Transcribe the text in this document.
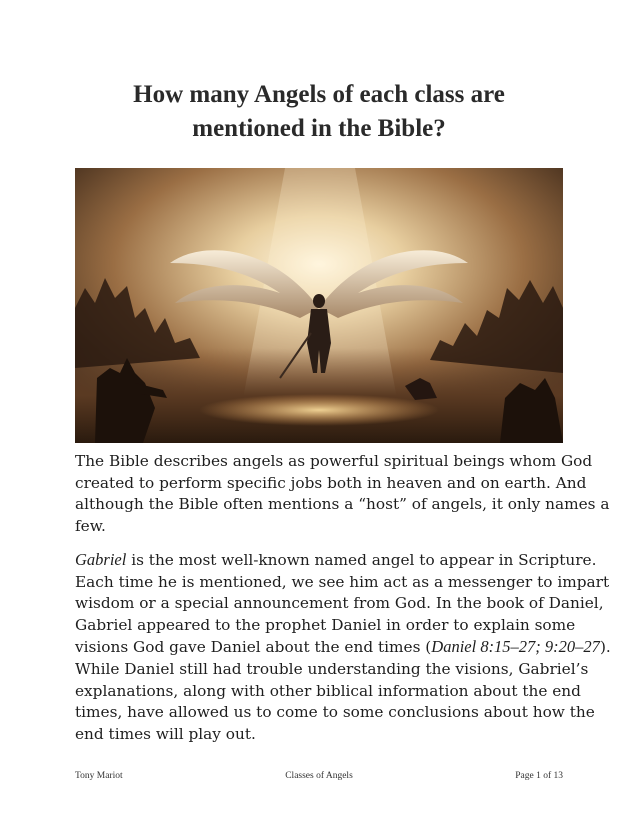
How many Angels of each class are
mentioned in the Bible?
The Bible describes angels as powerful spiritual beings whom God
created to perform specific jobs both in heaven and on earth. And
although the Bible often mentions a “host” of angels, it only names a
few.
Gabriel is the most well-known named angel to appear in Scripture.
Each time he is mentioned, we see him act as a messenger to impart
wisdom or a special announcement from God. In the book of Daniel,
Gabriel appeared to the prophet Daniel in order to explain some
visions God gave Daniel about the end times (Daniel 8:15–27; 9:20–27).
While Daniel still had trouble understanding the visions, Gabriel’s
explanations, along with other biblical information about the end
times, have allowed us to come to some conclusions about how the
end times will play out.
Tony Mariot	Classes of Angels	Page 1 of 13
